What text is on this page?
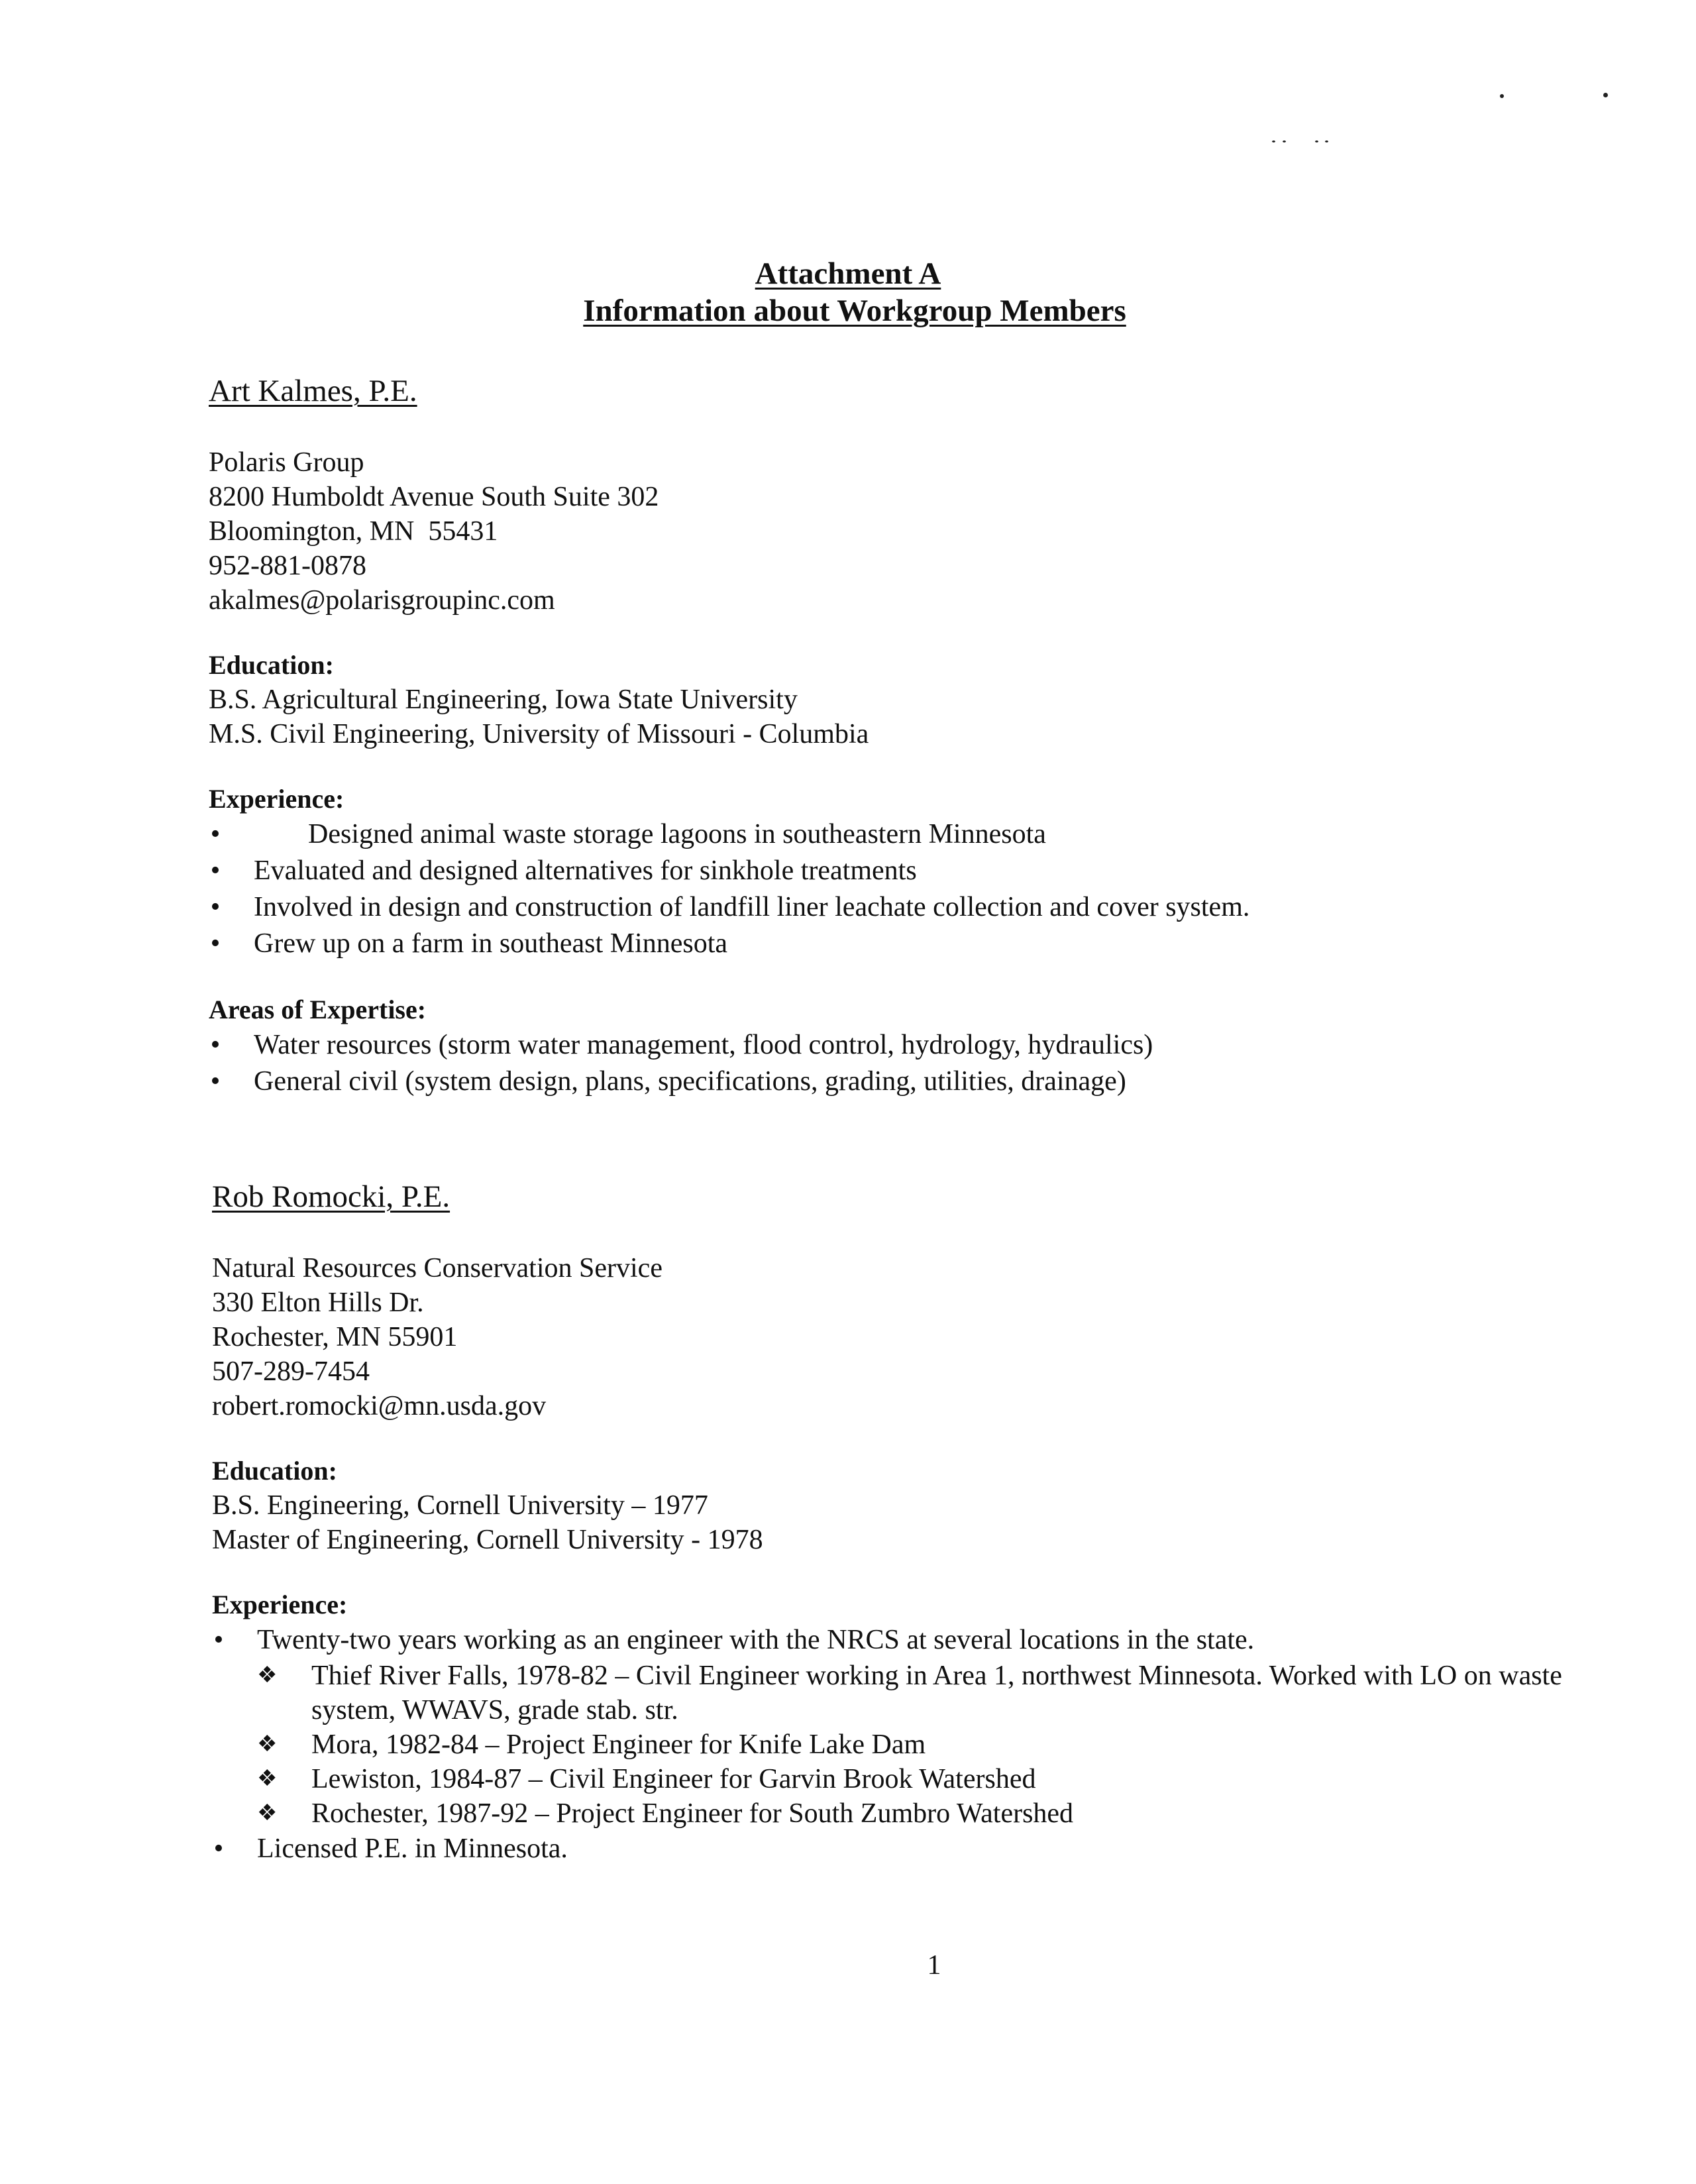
Attachment A
Information about Workgroup Members
Art Kalmes, P.E.

Polaris Group

8200 Humboldt Avenue South Suite 302

Bloomington, MN  55431

952-881-0878

akalmes@polarisgroupinc.com

Education:

B.S. Agricultural Engineering, Iowa State University

M.S. Civil Engineering, University of Missouri - Columbia

Experience:

•	Designed animal waste storage lagoons in southeastern Minnesota
• Evaluated and designed alternatives for sinkhole treatments
• Involved in design and construction of landfill liner leachate collection and cover system.
• Grew up on a farm in southeast Minnesota

Areas of Expertise:

• Water resources (storm water management, flood control, hydrology, hydraulics)
• General civil (system design, plans, specifications, grading, utilities, drainage)
Rob Romocki, P.E.

Natural Resources Conservation Service

330 Elton Hills Dr.

Rochester, MN 55901

507-289-7454

robert.romocki@mn.usda.gov

Education:

B.S. Engineering, Cornell University – 1977

Master of Engineering, Cornell University - 1978

Experience:

• Twenty-two years working as an engineer with the NRCS at several locations in the state.
❖ Thief River Falls, 1978-82 – Civil Engineer working in Area 1, northwest Minnesota. Worked with LO on waste system, WWAVS, grade stab. str.
❖ Mora, 1982-84 – Project Engineer for Knife Lake Dam
❖ Lewiston, 1984-87 – Civil Engineer for Garvin Brook Watershed
❖ Rochester, 1987-92 – Project Engineer for South Zumbro Watershed
• Licensed P.E. in Minnesota.
1
